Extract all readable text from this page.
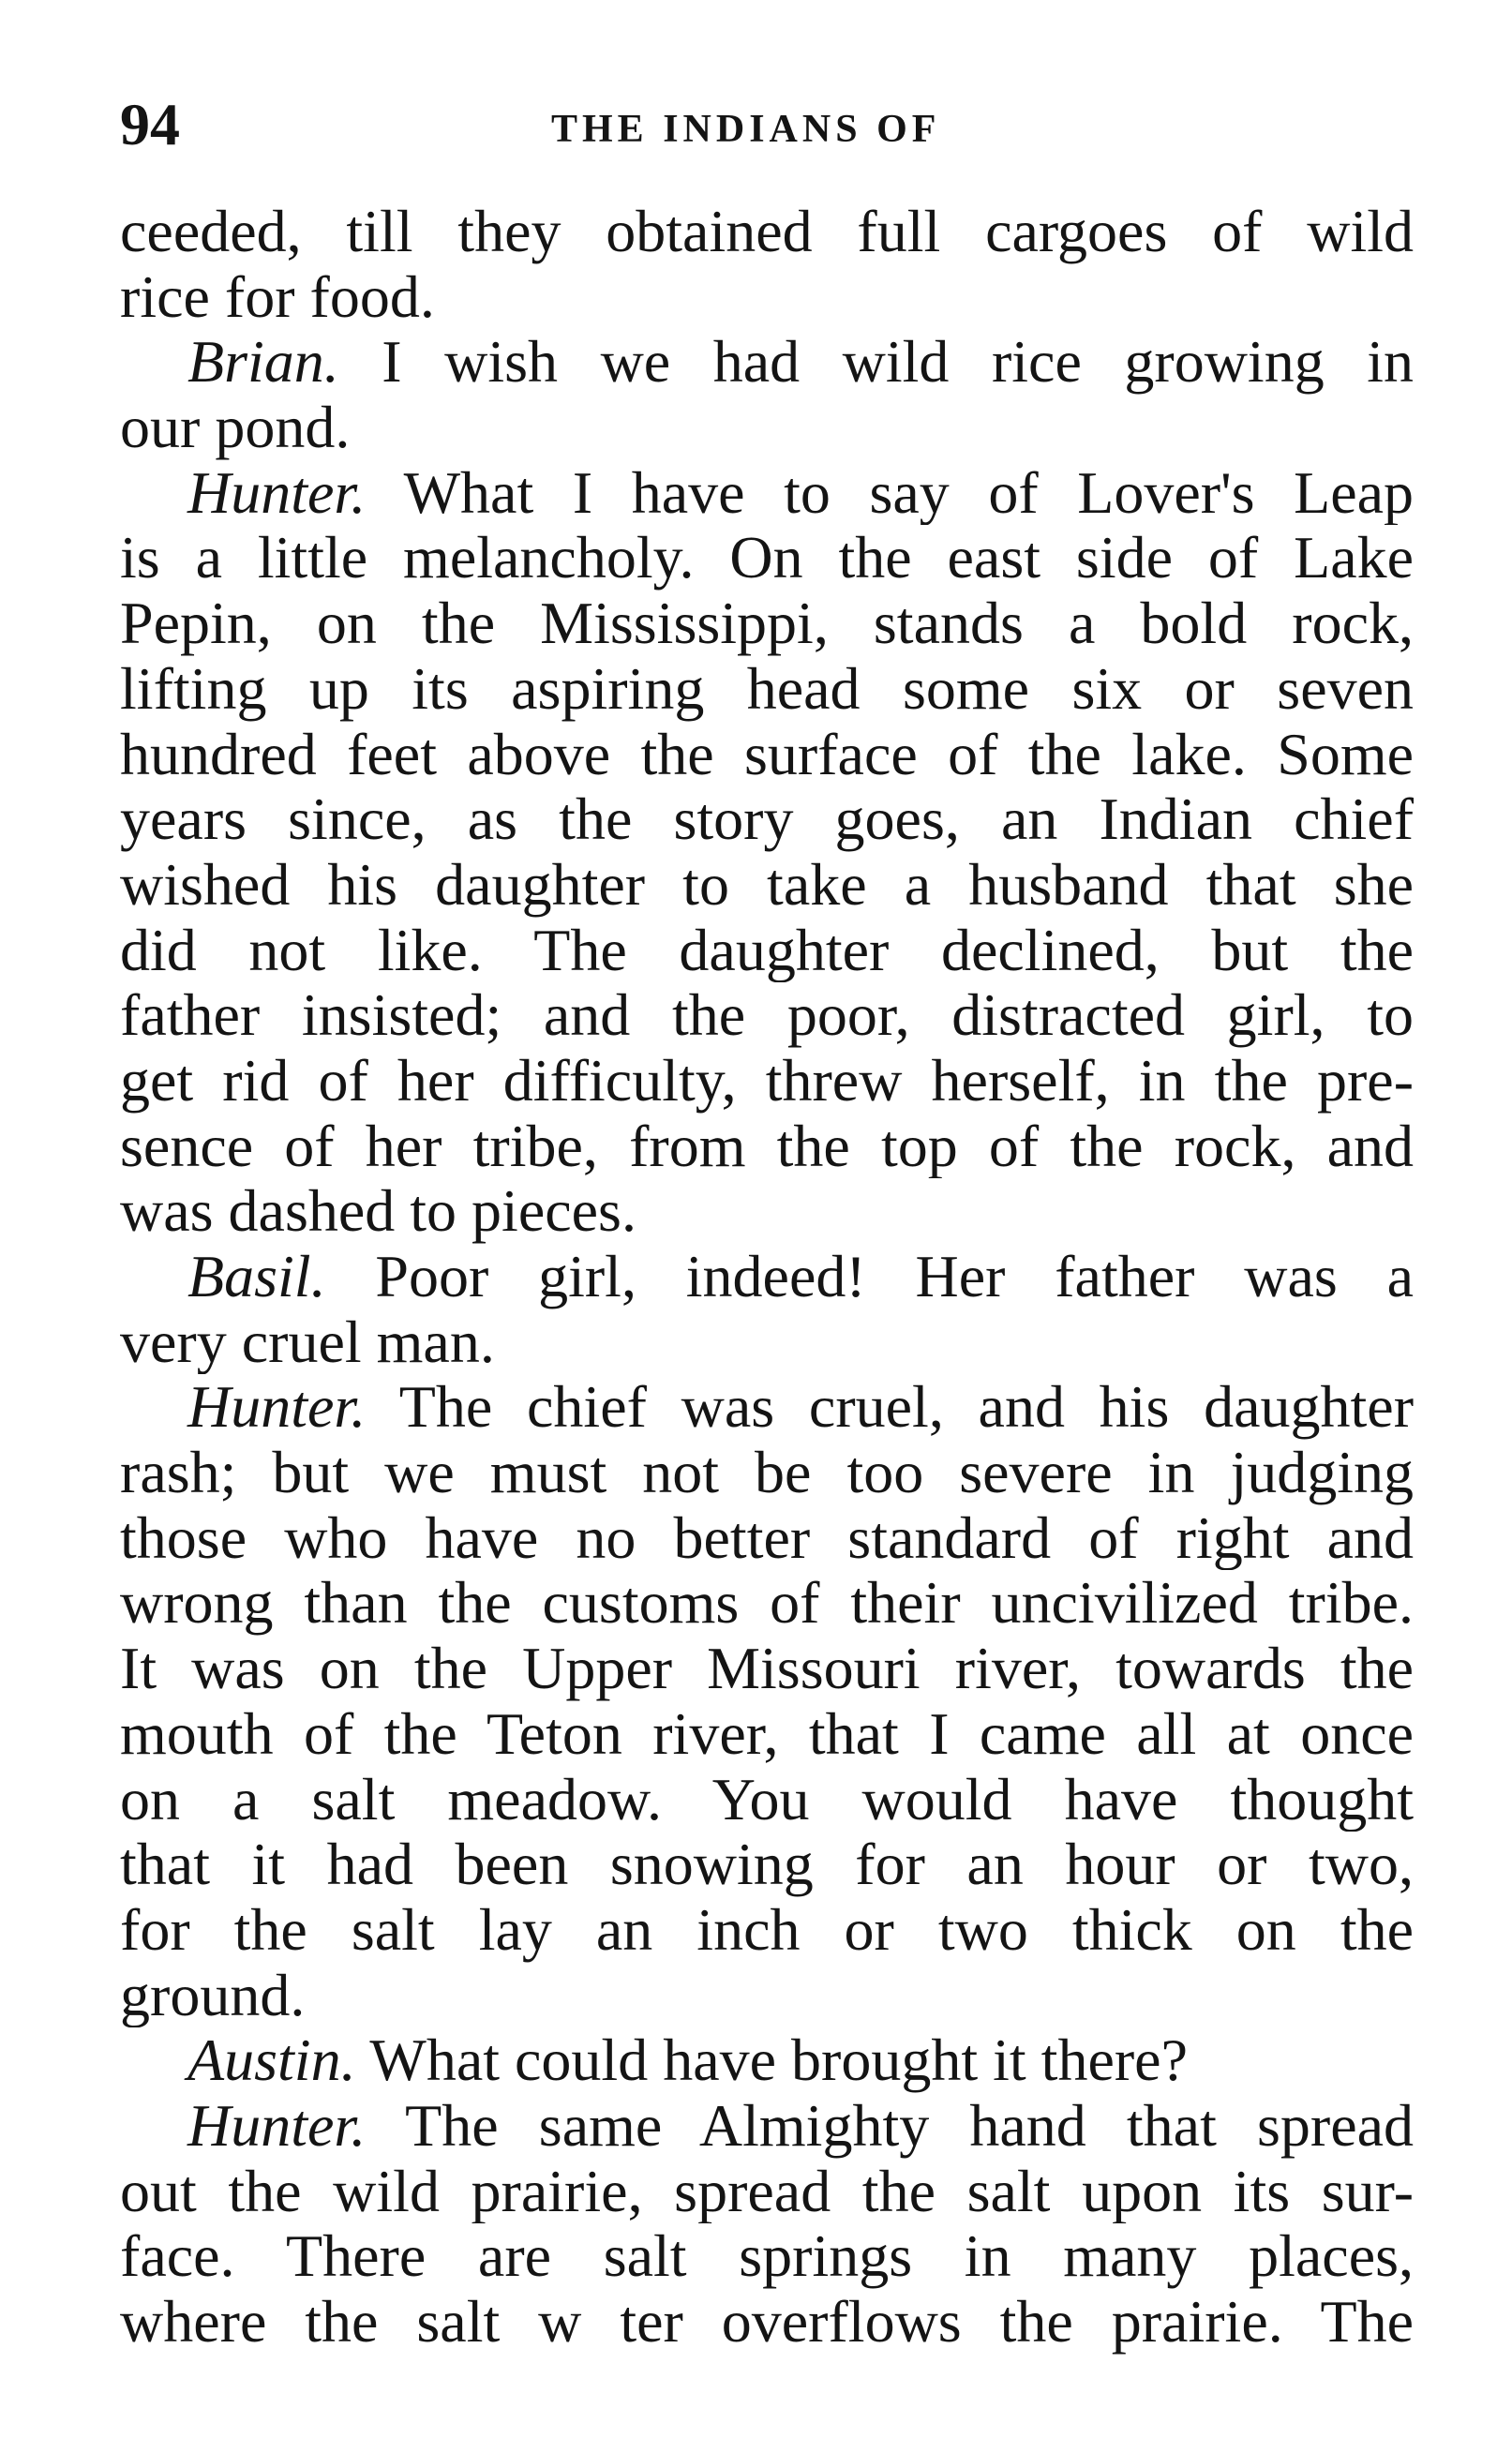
94	THE INDIANS OF
ceeded, till they obtained full cargoes of wild
rice for food.
Brian. I wish we had wild rice growing in
our pond.
Hunter. What I have to say of Lover's Leap
is a little melancholy. On the east side of Lake
Pepin, on the Mississippi, stands a bold rock,
lifting up its aspiring head some six or seven
hundred feet above the surface of the lake. Some
years since, as the story goes, an Indian chief
wished his daughter to take a husband that she
did not like. The daughter declined, but the
father insisted; and the poor, distracted girl, to
get rid of her difficulty, threw herself, in the pre-
sence of her tribe, from the top of the rock, and
was dashed to pieces.
Basil. Poor girl, indeed! Her father was a
very cruel man.
Hunter. The chief was cruel, and his daughter
rash; but we must not be too severe in judging
those who have no better standard of right and
wrong than the customs of their uncivilized tribe.
It was on the Upper Missouri river, towards the
mouth of the Teton river, that I came all at once
on a salt meadow. You would have thought
that it had been snowing for an hour or two,
for the salt lay an inch or two thick on the
ground.
Austin. What could have brought it there?
Hunter. The same Almighty hand that spread
out the wild prairie, spread the salt upon its sur-
face. There are salt springs in many places,
where the salt w ter overflows the prairie. The
